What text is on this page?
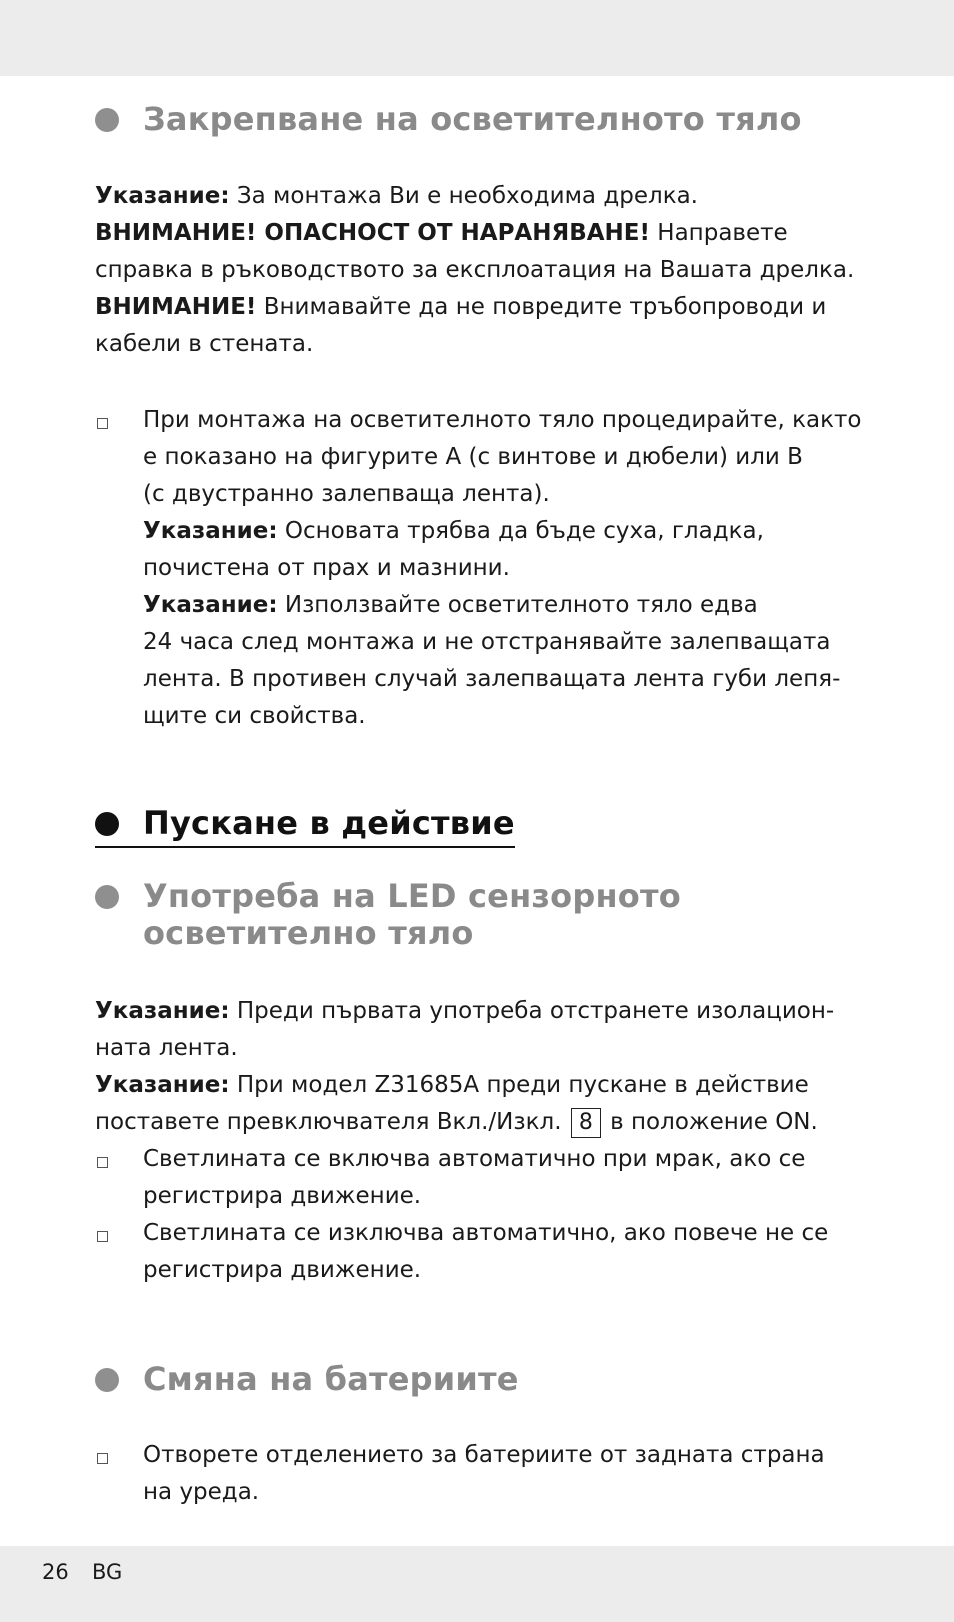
Закрепване на осветителното тяло
Указание: За монтажа Ви е необходима дрелка.
ВНИМАНИЕ! ОПАСНОСТ ОТ НАРАНЯВАНЕ! Направете
справка в ръководството за експлоатация на Вашата дрелка.
ВНИМАНИЕ! Внимавайте да не повредите тръбопроводи и
кабели в стената.
При монтажа на осветителното тяло процедирайте, както
е показано на фигурите A (с винтове и дюбели) или B
(с двустранно залепваща лента).
Указание: Основата трябва да бъде суха, гладка,
почистена от прах и мазнини.
Указание: Използвайте осветителното тяло едва
24 часа след монтажа и не отстранявайте залепващата
лента. В противен случай залепващата лента губи лепя-
щите си свойства.
Пускане в действие
Употреба на LED сензорното
осветително тяло
Указание: Преди първата употреба отстранете изолацион-
ната лента.
Указание: При модел Z31685A преди пускане в действие
поставете превключвателя Вкл./Изкл. 8 в положение ON.
Светлината се включва автоматично при мрак, ако се
регистрира движение.
Светлината се изключва автоматично, ако повече не се
регистрира движение.
Смяна на батериите
Отворете отделението за батериите от задната страна
на уреда.
26 BG
